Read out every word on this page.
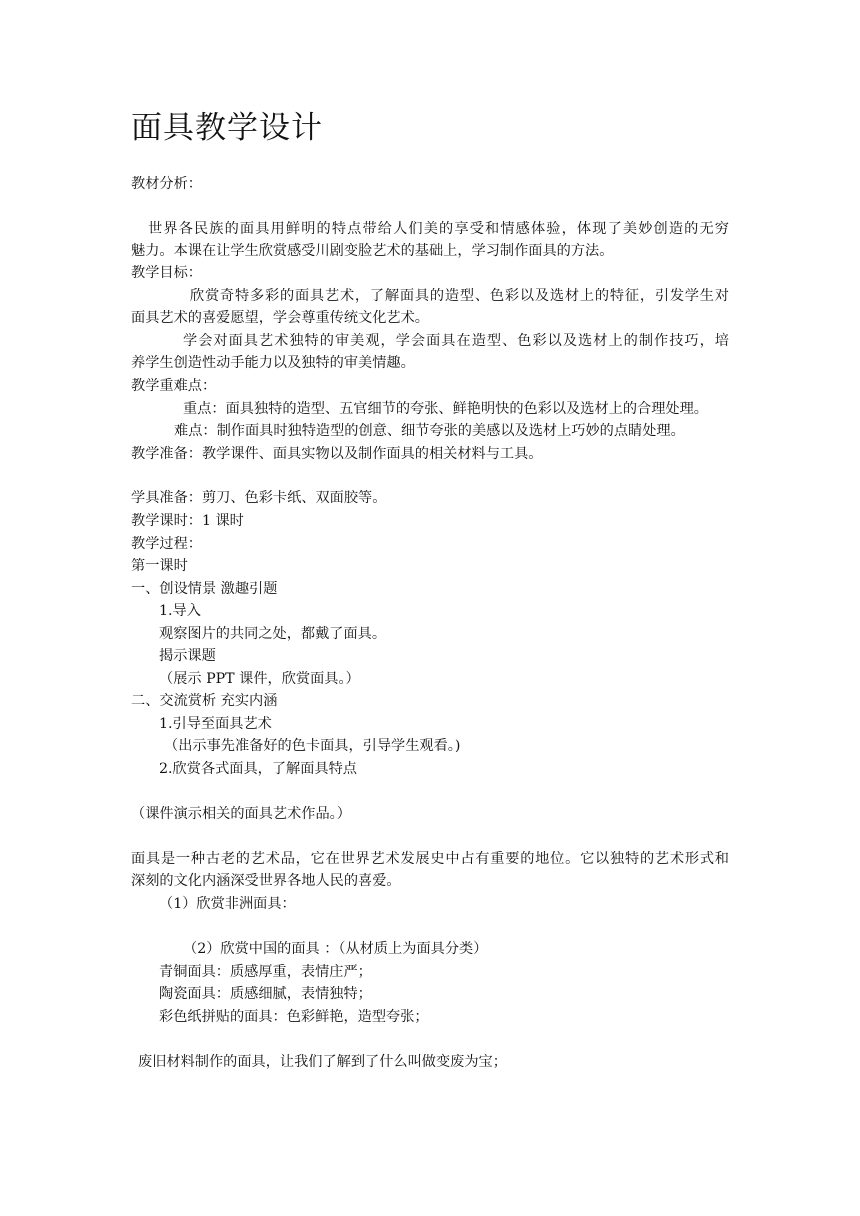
面具教学设计
教材分析：
世界各民族的面具用鲜明的特点带给人们美的享受和情感体验，体现了美妙创造的无穷
魅力。本课在让学生欣赏感受川剧变脸艺术的基础上，学习制作面具的方法。
教学目标：
欣赏奇特多彩的面具艺术，了解面具的造型、色彩以及选材上的特征，引发学生对
面具艺术的喜爱愿望，学会尊重传统文化艺术。
学会对面具艺术独特的审美观，学会面具在造型、色彩以及选材上的制作技巧，培
养学生创造性动手能力以及独特的审美情趣。
教学重难点：
重点：面具独特的造型、五官细节的夸张、鲜艳明快的色彩以及选材上的合理处理。
难点：制作面具时独特造型的创意、细节夸张的美感以及选材上巧妙的点睛处理。
教学准备：教学课件、面具实物以及制作面具的相关材料与工具。
学具准备：剪刀、色彩卡纸、双面胶等。
教学课时：1 课时
教学过程：
第一课时
一、创设情景 激趣引题
1.导入
观察图片的共同之处，都戴了面具。
揭示课题
（展示 PPT 课件，欣赏面具。）
二、交流赏析 充实内涵
1.引导至面具艺术
（出示事先准备好的色卡面具，引导学生观看。)
2.欣赏各式面具，了解面具特点
（课件演示相关的面具艺术作品。）
面具是一种古老的艺术品，它在世界艺术发展史中占有重要的地位。它以独特的艺术形式和
深刻的文化内涵深受世界各地人民的喜爱。
（1）欣赏非洲面具：
（2）欣赏中国的面具 ：（从材质上为面具分类）
青铜面具：质感厚重，表情庄严；
陶瓷面具：质感细腻，表情独特；
彩色纸拼贴的面具：色彩鲜艳，造型夸张；
废旧材料制作的面具，让我们了解到了什么叫做变废为宝；
